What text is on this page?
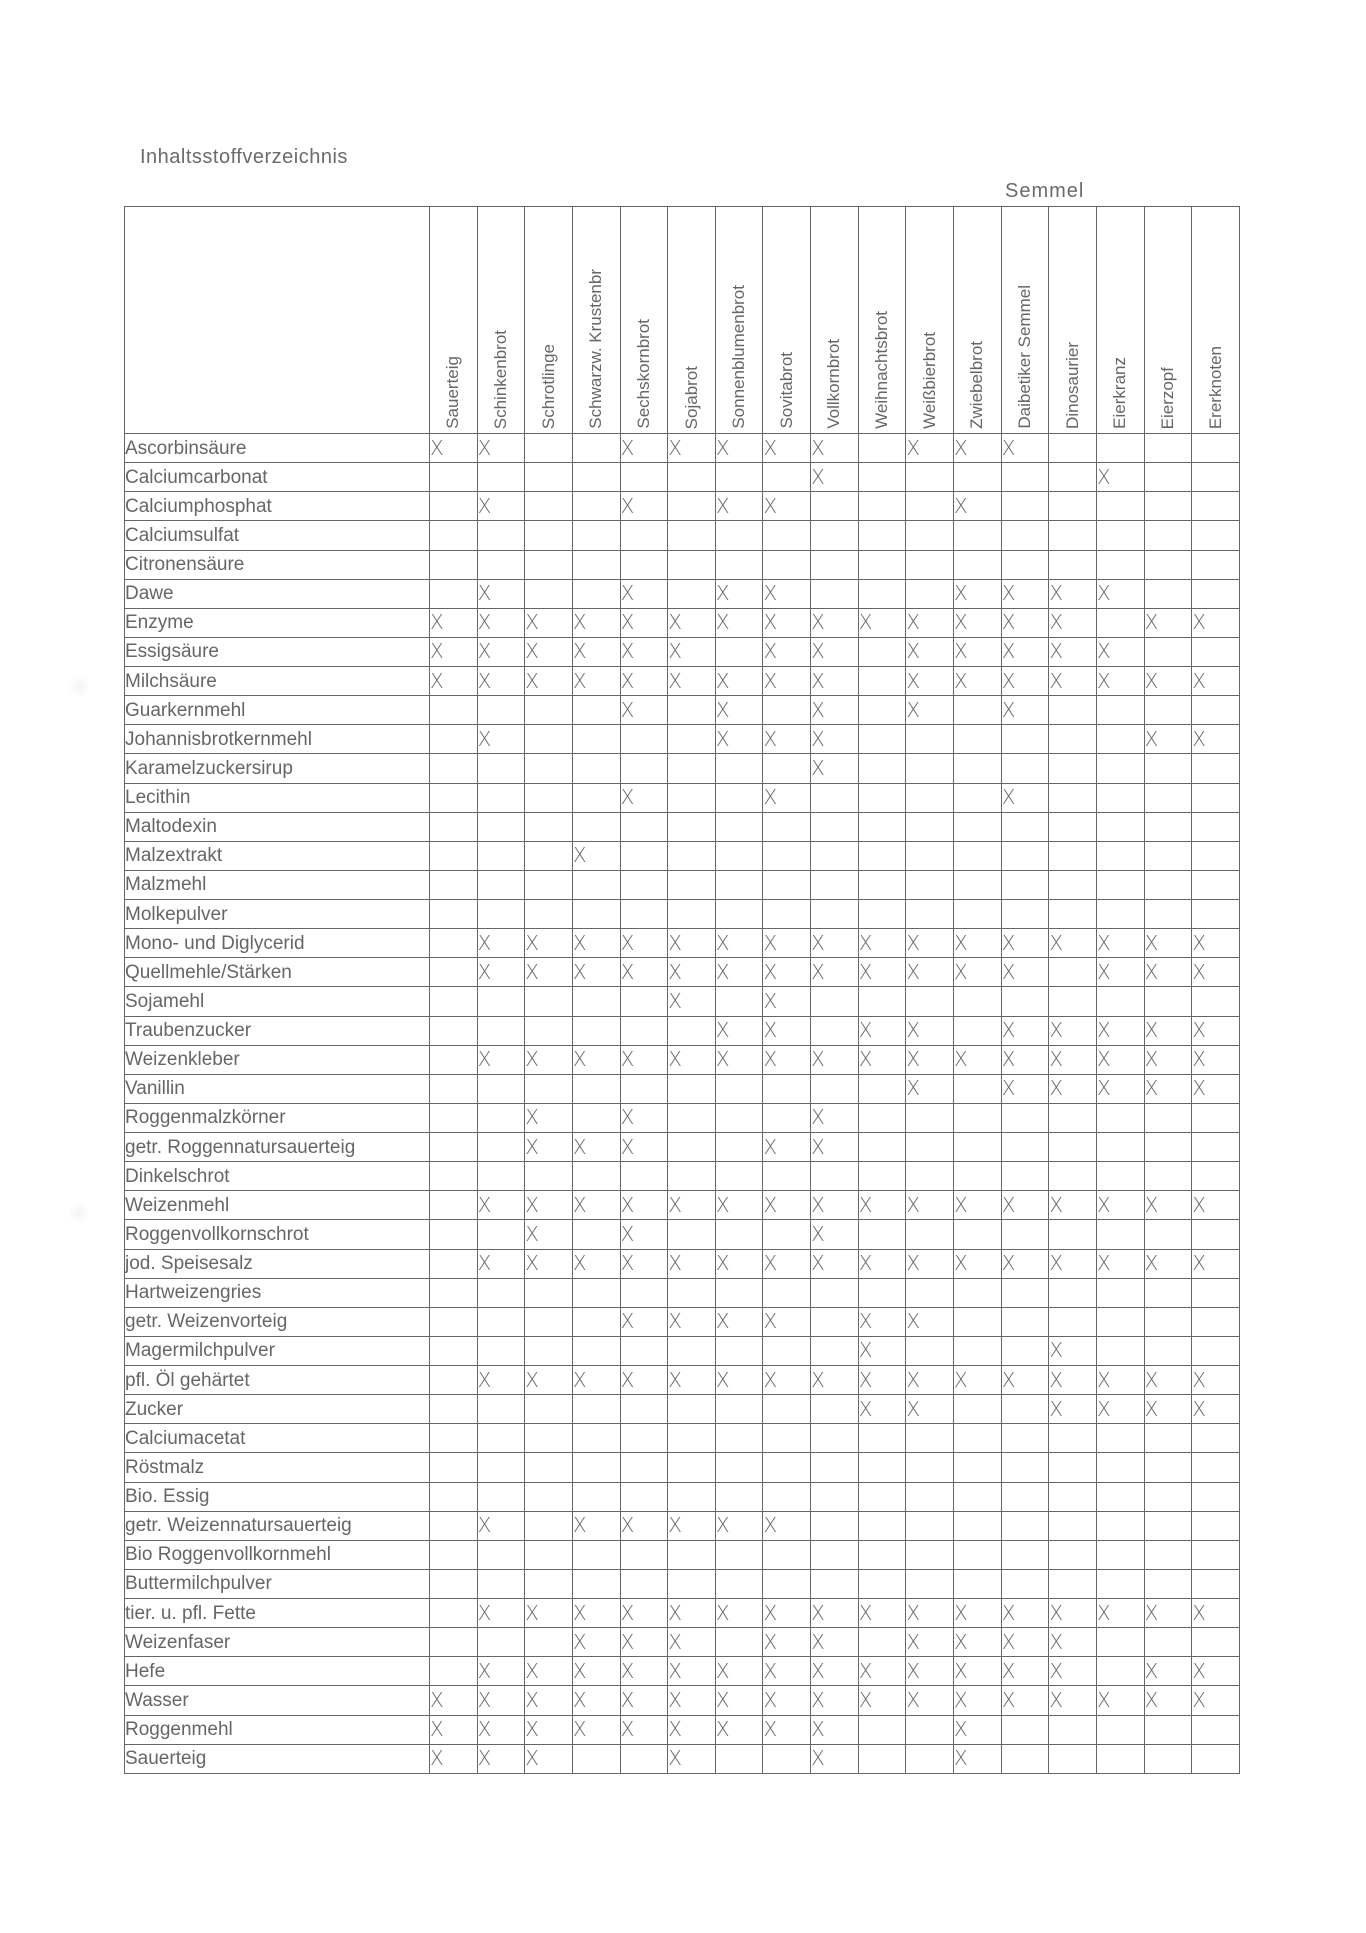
Inhaltsstoffverzeichnis
Semmel

	Sauerteig	Schinkenbrot	Schrotlinge	Schwarzw. Krustenbr	Sechskornbrot	Sojabrot	Sonnenblumenbrot	Sovitabrot	Vollkornbrot	Weihnachtsbrot	Weißbierbrot	Zwiebelbrot	Daibetiker Semmel	Dinosaurier	Eierkranz	Eierzopf	Ererknoten

Ascorbinsäure	X	X			X	X	X	X	X		X	X	X				
Calciumcarbonat									X						X		
Calciumphosphat		X			X		X	X				X					
Calciumsulfat																	
Citronensäure																	
Dawe		X			X		X	X				X	X	X	X		
Enzyme	X	X	X	X	X	X	X	X	X	X	X	X	X	X		X	X
Essigsäure	X	X	X	X	X	X		X	X		X	X	X	X	X		
Milchsäure	X	X	X	X	X	X	X	X	X		X	X	X	X	X	X	X
Guarkernmehl					X		X		X		X		X				
Johannisbrotkernmehl		X					X	X	X							X	X
Karamelzuckersirup									X								
Lecithin					X			X					X				
Maltodexin																	
Malzextrakt				X													
Malzmehl																	
Molkepulver																	
Mono- und Diglycerid		X	X	X	X	X	X	X	X	X	X	X	X	X	X	X	X
Quellmehle/Stärken		X	X	X	X	X	X	X	X	X	X	X	X		X	X	X
Sojamehl						X		X									
Traubenzucker							X	X		X	X		X	X	X	X	X
Weizenkleber		X	X	X	X	X	X	X	X	X	X	X	X	X	X	X	X
Vanillin											X		X	X	X	X	X
Roggenmalzkörner			X		X				X								
getr. Roggennatursauerteig			X	X	X			X	X								
Dinkelschrot																	
Weizenmehl		X	X	X	X	X	X	X	X	X	X	X	X	X	X	X	X
Roggenvollkornschrot			X		X				X								
jod. Speisesalz		X	X	X	X	X	X	X	X	X	X	X	X	X	X	X	X
Hartweizengries																	
getr. Weizenvorteig					X	X	X	X		X	X						
Magermilchpulver										X				X			
pfl. Öl gehärtet		X	X	X	X	X	X	X	X	X	X	X	X	X	X	X	X
Zucker										X	X			X	X	X	X
Calciumacetat																	
Röstmalz																	
Bio. Essig																	
getr. Weizennatursauerteig		X		X	X	X	X	X									
Bio Roggenvollkornmehl																	
Buttermilchpulver																	
tier. u. pfl. Fette		X	X	X	X	X	X	X	X	X	X	X	X	X	X	X	X
Weizenfaser				X	X	X		X	X		X	X	X	X			
Hefe		X	X	X	X	X	X	X	X	X	X	X	X	X		X	X
Wasser	X	X	X	X	X	X	X	X	X	X	X	X	X	X	X	X	X
Roggenmehl	X	X	X	X	X	X	X	X	X			X					
Sauerteig	X	X	X			X			X			X					
